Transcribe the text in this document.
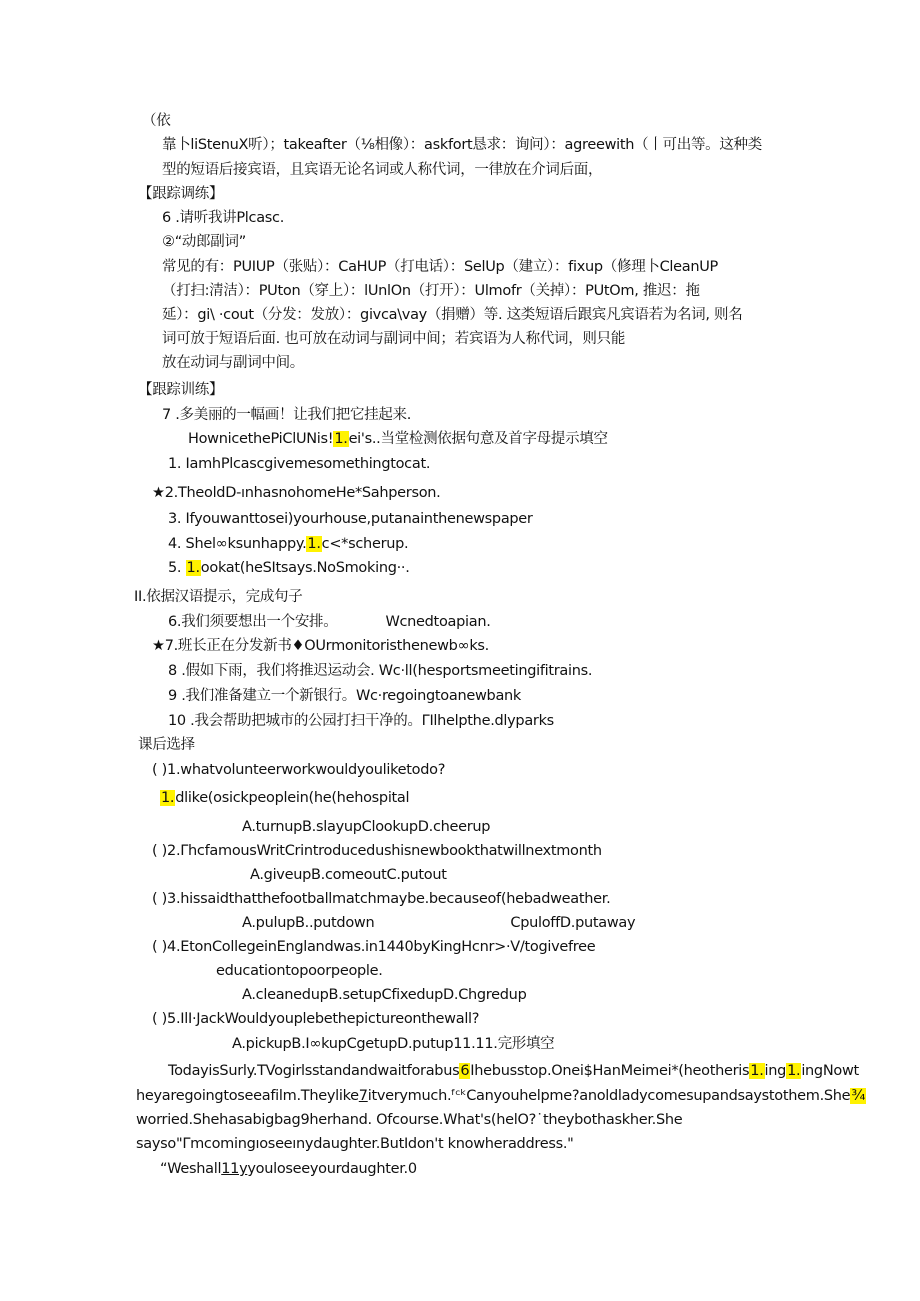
（依
靠卜liStenuX听）；takeafter（⅛相像）：askfort恳求：询问）：agreewith（丨可出等。这种类
型的短语后接宾语，且宾语无论名词或人称代词，一律放在介词后面，
【跟踪调练】
6 .请听我讲Plcasc.
②“动郎副词”
常见的有：PUIUP（张贴）：CaHUP（打电话）：SelUp（建立）：fixup（修理卜CleanUP
（打扫:清洁）：PUton（穿上）：lUnlOn（打开）：Ulmofr（关掉）：PUtOm, 推迟：拖
延）：gi\ ·cout（分发：发放）：givca\vay（捐赠）等. 这类短语后跟宾凡宾语若为名词, 则名
词可放于短语后面. 也可放在动词与副词中间；若宾语为人称代词，则只能
放在动词与副词中间。
【跟踪训练】
7 .多美丽的一幅画！让我们把它挂起来.
HownicethePiClUNis!1.ei's..当堂检测依据句意及首字母提示填空
1. IamhPlcascgivemesomethingtocat.
★2.TheoldD-ınhasnohomeHe*Sahperson.
3. Ifyouwanttosei)yourhouse,putanainthenewspaper
4. Shel∞ksunhappy.1.c<*scherup.
5. 1.ookat(heSItsays.NoSmoking··.
II.依据汉语提示，完成句子
6.我们须要想出一个安排。	Wcnedtoapian.
★7.班长正在分发新书♦OUrmonitoristhenewb∞ks.
8 .假如下雨，我们将推迟运动会. Wc·ll(hesportsmeetingifitrains.
9 .我们准备建立一个新银行。Wc·regoingtoanewbank
10 .我会帮助把城市的公园打扫干净的。ΓIlhelpthe.dlyparks
课后选择
( )1.whatvolunteerworkwouldyouliketodo?
1.dlike(osickpeoplein(he(hehospital
A.turnupB.slayupClookupD.cheerup
( )2.ΓhcfamousWritCrintroducedushisnewbookthatwillnextmonth
A.giveupB.comeoutC.putout
( )3.hissaidthatthefootballmatchmaybe.becauseof(hebadweather.
A.pulupB..putdown	CpuloffD.putaway
( )4.EtonCollegeinEnglandwas.in1440byKingHcnr>·V/togivefree
educationtopoorpeople.
A.cleanedupB.setupCfixedupD.Chgredup
( )5.IlI·JackWouldyouplebethepictureonthewall?
A.pickupB.I∞kupCgetupD.putup11.11.完形填空
TodayisSurly.TVogirlsstandandwaitforabus6Ihebusstop.Onei$HanMeimei*(heotheris1.ing1.ingNowt
heyaregoingtoseeafilm.Theylike7itverymuch.ᶠᶜᵏCanyouhelpme?anoldladycomesupandsaystothem.She¾
worried.Shehasabigbag9herhand. Ofcourse.What's(helO?˙theybothaskher.She
sayso"Γmcomingıoseeınydaughter.ButIdon't knowheraddress."
“Weshall11yyouloseeyourdaughter.0
